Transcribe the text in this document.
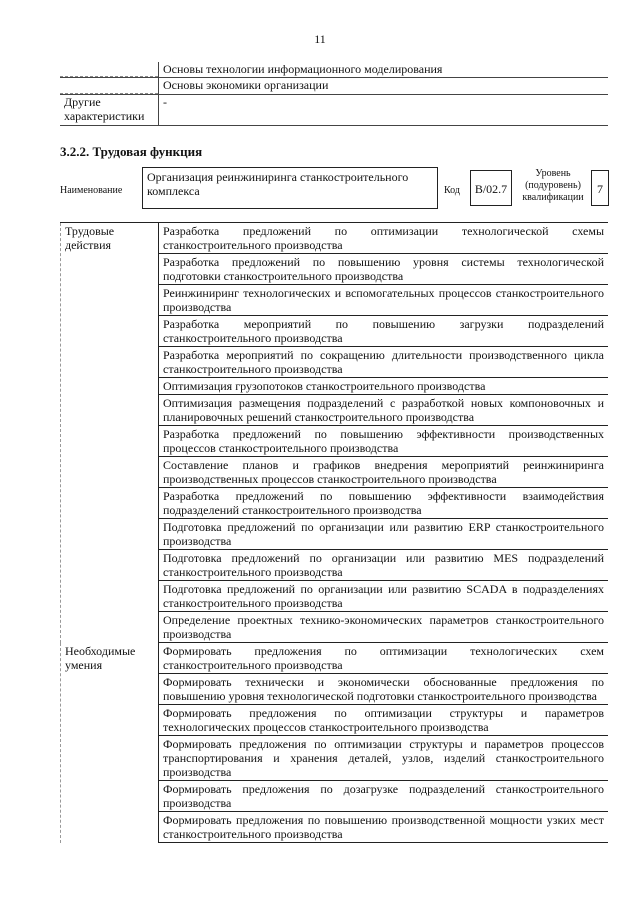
11
Основы технологии информационного моделирования
Основы экономики организации
Другие характеристики
-
3.2.2. Трудовая функция
Наименование
Организация реинжиниринга станкостроительного комплекса	Код	B/02.7
Уровень (подуровень) квалификации
7
Трудовые действия
Разработка предложений по оптимизации технологической схемы станкостроительного производства
Разработка предложений по повышению уровня системы технологической подготовки станкостроительного производства
Реинжиниринг технологических и вспомогательных процессов станкостроительного производства
Разработка мероприятий по повышению загрузки подразделений станкостроительного производства
Разработка мероприятий по сокращению длительности производственного цикла станкостроительного производства
Оптимизация грузопотоков станкостроительного производства
Оптимизация размещения подразделений с разработкой новых компоновочных и планировочных решений станкостроительного производства
Разработка предложений по повышению эффективности производственных процессов станкостроительного производства
Составление планов и графиков внедрения мероприятий реинжиниринга производственных процессов станкостроительного производства
Разработка предложений по повышению эффективности взаимодействия подразделений станкостроительного производства
Подготовка предложений по организации или развитию ERP станкостроительного производства
Подготовка предложений по организации или развитию MES подразделений станкостроительного производства
Подготовка предложений по организации или развитию SCADA в подразделениях станкостроительного производства
Определение проектных технико-экономических параметров станкостроительного производства
Необходимые умения
Формировать предложения по оптимизации технологических схем станкостроительного производства
Формировать технически и экономически обоснованные предложения по повышению уровня технологической подготовки станкостроительного производства
Формировать предложения по оптимизации структуры и параметров технологических процессов станкостроительного производства
Формировать предложения по оптимизации структуры и параметров процессов транспортирования и хранения деталей, узлов, изделий станкостроительного производства
Формировать предложения по дозагрузке подразделений станкостроительного производства
Формировать предложения по повышению производственной мощности узких мест станкостроительного производства
